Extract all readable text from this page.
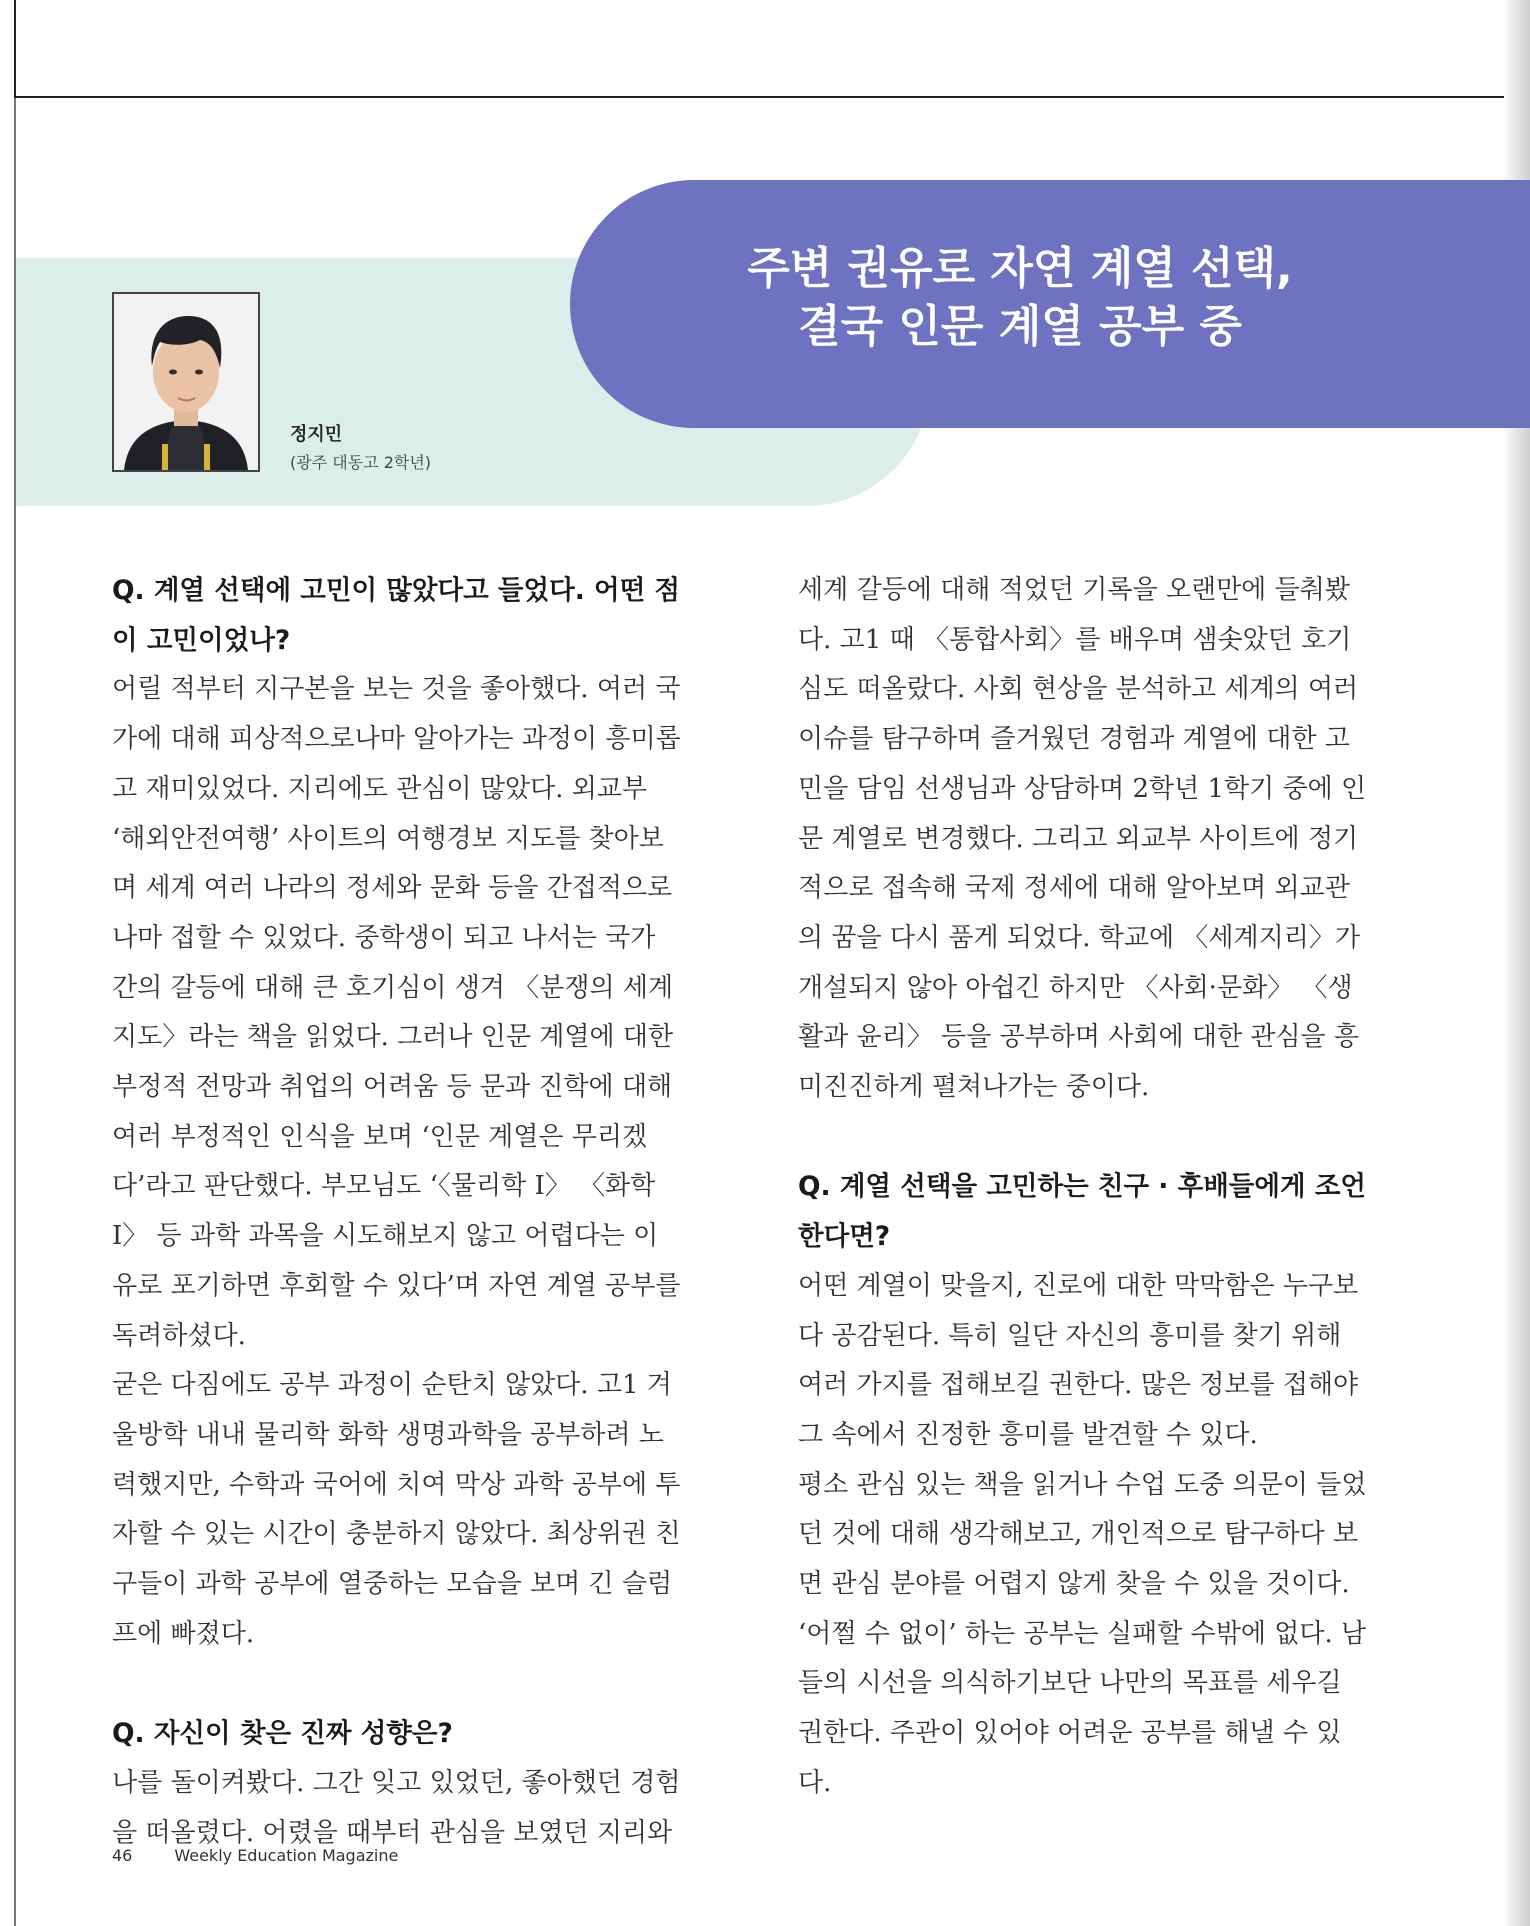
주변 권유로 자연 계열 선택,
결국 인문 계열 공부 중
정지민
(광주 대동고 2학년)

Q. 계열 선택에 고민이 많았다고 들었다. 어떤 점이 고민이었나?

어릴 적부터 지구본을 보는 것을 좋아했다. 여러 국가에 대해 피상적으로나마 알아가는 과정이 흥미롭고 재미있었다. 지리에도 관심이 많았다. 외교부 ‘해외안전여행’ 사이트의 여행경보 지도를 찾아보며 세계 여러 나라의 정세와 문화 등을 간접적으로나마 접할 수 있었다. 중학생이 되고 나서는 국가 간의 갈등에 대해 큰 호기심이 생겨 〈분쟁의 세계지도〉라는 책을 읽었다. 그러나 인문 계열에 대한 부정적 전망과 취업의 어려움 등 문과 진학에 대해 여러 부정적인 인식을 보며 ‘인문 계열은 무리겠다’라고 판단했다. 부모님도 ‘〈물리학 I〉 〈화학 I〉 등 과학 과목을 시도해보지 않고 어렵다는 이유로 포기하면 후회할 수 있다’며 자연 계열 공부를 독려하셨다.

굳은 다짐에도 공부 과정이 순탄치 않았다. 고1 겨울방학 내내 물리학 화학 생명과학을 공부하려 노력했지만, 수학과 국어에 치여 막상 과학 공부에 투자할 수 있는 시간이 충분하지 않았다. 최상위권 친구들이 과학 공부에 열중하는 모습을 보며 긴 슬럼프에 빠졌다.

Q. 자신이 찾은 진짜 성향은?

나를 돌이켜봤다. 그간 잊고 있었던, 좋아했던 경험을 떠올렸다. 어렸을 때부터 관심을 보였던 지리와

세계 갈등에 대해 적었던 기록을 오랜만에 들춰봤다. 고1 때 〈통합사회〉를 배우며 샘솟았던 호기심도 떠올랐다. 사회 현상을 분석하고 세계의 여러 이슈를 탐구하며 즐거웠던 경험과 계열에 대한 고민을 담임 선생님과 상담하며 2학년 1학기 중에 인문 계열로 변경했다. 그리고 외교부 사이트에 정기적으로 접속해 국제 정세에 대해 알아보며 외교관의 꿈을 다시 품게 되었다. 학교에 〈세계지리〉가 개설되지 않아 아쉽긴 하지만 〈사회·문화〉 〈생활과 윤리〉 등을 공부하며 사회에 대한 관심을 흥미진진하게 펼쳐나가는 중이다.

Q. 계열 선택을 고민하는 친구 · 후배들에게 조언한다면?

어떤 계열이 맞을지, 진로에 대한 막막함은 누구보다 공감된다. 특히 일단 자신의 흥미를 찾기 위해 여러 가지를 접해보길 권한다. 많은 정보를 접해야 그 속에서 진정한 흥미를 발견할 수 있다.

평소 관심 있는 책을 읽거나 수업 도중 의문이 들었던 것에 대해 생각해보고, 개인적으로 탐구하다 보면 관심 분야를 어렵지 않게 찾을 수 있을 것이다. ‘어쩔 수 없이’ 하는 공부는 실패할 수밖에 없다. 남들의 시선을 의식하기보단 나만의 목표를 세우길 권한다. 주관이 있어야 어려운 공부를 해낼 수 있다.

46	Weekly Education Magazine
